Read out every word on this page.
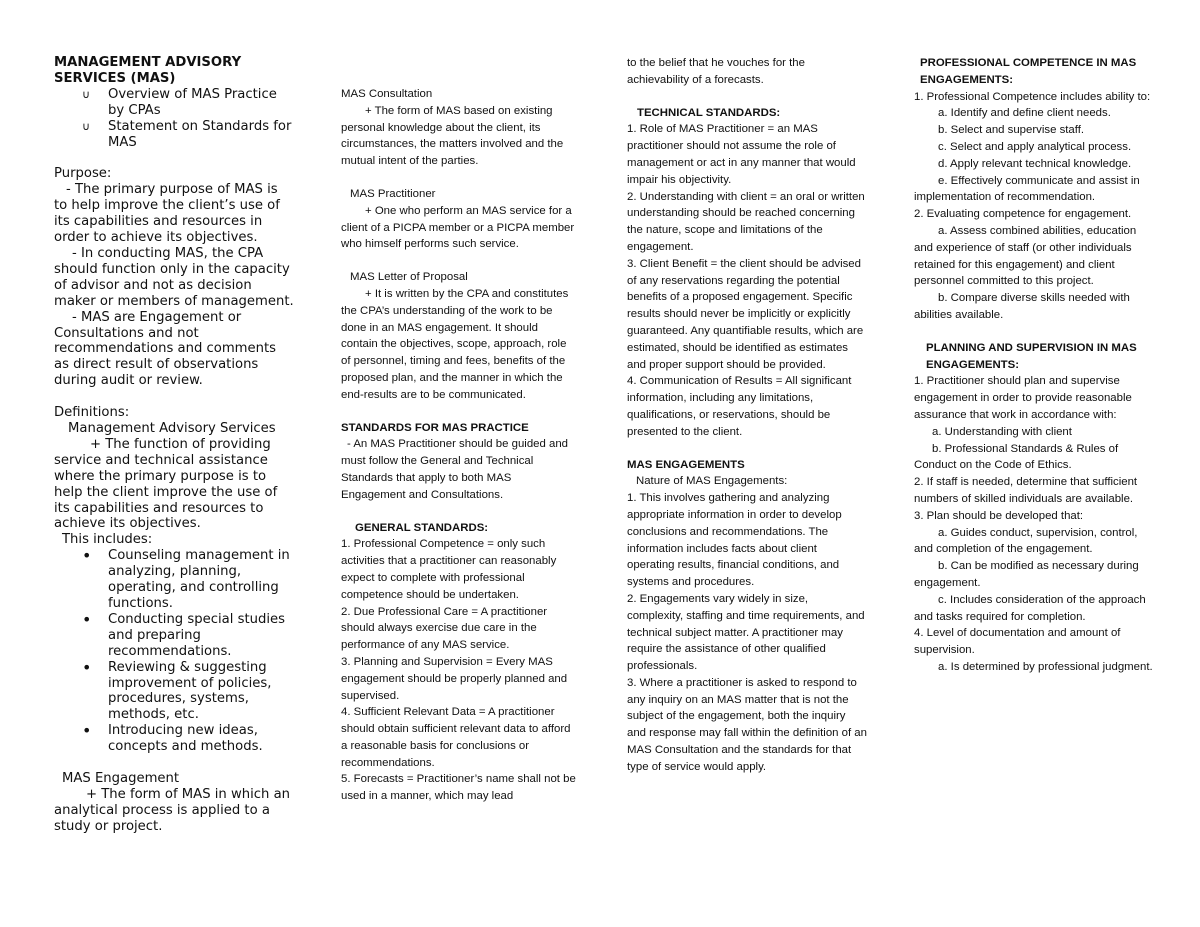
MANAGEMENT ADVISORY SERVICES (MAS)

∪	Overview of MAS Practice by CPAs
∪	Statement on Standards for MAS

Purpose:

- The primary purpose of MAS is to help improve the client’s use of its capabilities and resources in order to achieve its objectives.

- In conducting MAS, the CPA should function only in the capacity of advisor and not as decision maker or members of management.

- MAS are Engagement or Consultations and not recommendations and comments as direct result of observations during audit or review.

Definitions:

Management Advisory Services

+ The function of providing service and technical assistance where the primary purpose is to help the client improve the use of its capabilities and resources to achieve its objectives.

This includes:

•	Counseling management in analyzing, planning, operating, and controlling functions.
•	Conducting special studies and preparing recommendations.
•	Reviewing & suggesting improvement of policies, procedures, systems, methods, etc.
•	Introducing new ideas, concepts and methods.

MAS Engagement

+ The form of MAS in which an analytical process is applied to a study or project.

MAS Consultation

+ The form of MAS based on existing personal knowledge about the client, its circumstances, the matters involved and the mutual intent of the parties.

MAS Practitioner

+ One who perform an MAS service for a client of a PICPA member or a PICPA member who himself performs such service.

MAS Letter of Proposal

+ It is written by the CPA and constitutes the CPA’s understanding of the work to be done in an MAS engagement. It should contain the objectives, scope, approach, role of personnel, timing and fees, benefits of the proposed plan, and the manner in which the end-results are to be communicated.

STANDARDS FOR MAS PRACTICE

- An MAS Practitioner should be guided and must follow the General and Technical Standards that apply to both MAS Engagement and Consultations.

GENERAL STANDARDS:

1. Professional Competence = only such activities that a practitioner can reasonably expect to complete with professional competence should be undertaken.

2. Due Professional Care = A practitioner should always exercise due care in the performance of any MAS service.

3. Planning and Supervision = Every MAS engagement should be properly planned and supervised.

4. Sufficient Relevant Data = A practitioner should obtain sufficient relevant data to afford a reasonable basis for conclusions or recommendations.

5. Forecasts = Practitioner’s name shall not be used in a manner, which may lead

to the belief that he vouches for the achievability of a forecasts.

TECHNICAL STANDARDS:

1. Role of MAS Practitioner = an MAS practitioner should not assume the role of management or act in any manner that would impair his objectivity.

2. Understanding with client = an oral or written understanding should be reached concerning the nature, scope and limitations of the engagement.

3. Client Benefit = the client should be advised of any reservations regarding the potential benefits of a proposed engagement. Specific results should never be implicitly or explicitly guaranteed. Any quantifiable results, which are estimated, should be identified as estimates and proper support should be provided.

4. Communication of Results = All significant information, including any limitations, qualifications, or reservations, should be presented to the client.

MAS ENGAGEMENTS

Nature of MAS Engagements:

1. This involves gathering and analyzing appropriate information in order to develop conclusions and recommendations. The information includes facts about client operating results, financial conditions, and systems and procedures.

2. Engagements vary widely in size, complexity, staffing and time requirements, and technical subject matter. A practitioner may require the assistance of other qualified professionals.

3. Where a practitioner is asked to respond to any inquiry on an MAS matter that is not the subject of the engagement, both the inquiry and response may fall within the definition of an MAS Consultation and the standards for that type of service would apply.

PROFESSIONAL COMPETENCE IN MAS ENGAGEMENTS:

1. Professional Competence includes ability to:

a. Identify and define client needs.

b. Select and supervise staff.

c. Select and apply analytical process.

d. Apply relevant technical knowledge.

e. Effectively communicate and assist in implementation of recommendation.

2. Evaluating competence for engagement.

a. Assess combined abilities, education and experience of staff (or other individuals retained for this engagement) and client personnel committed to this project.

b. Compare diverse skills needed with abilities available.

PLANNING AND SUPERVISION IN MAS ENGAGEMENTS:

1. Practitioner should plan and supervise engagement in order to provide reasonable assurance that work in accordance with:

a. Understanding with client

b. Professional Standards & Rules of Conduct on the Code of Ethics.

2. If staff is needed, determine that sufficient numbers of skilled individuals are available.

3. Plan should be developed that:

a. Guides conduct, supervision, control, and completion of the engagement.

b. Can be modified as necessary during engagement.

c. Includes consideration of the approach and tasks required for completion.

4. Level of documentation and amount of supervision.

a. Is determined by professional judgment.
